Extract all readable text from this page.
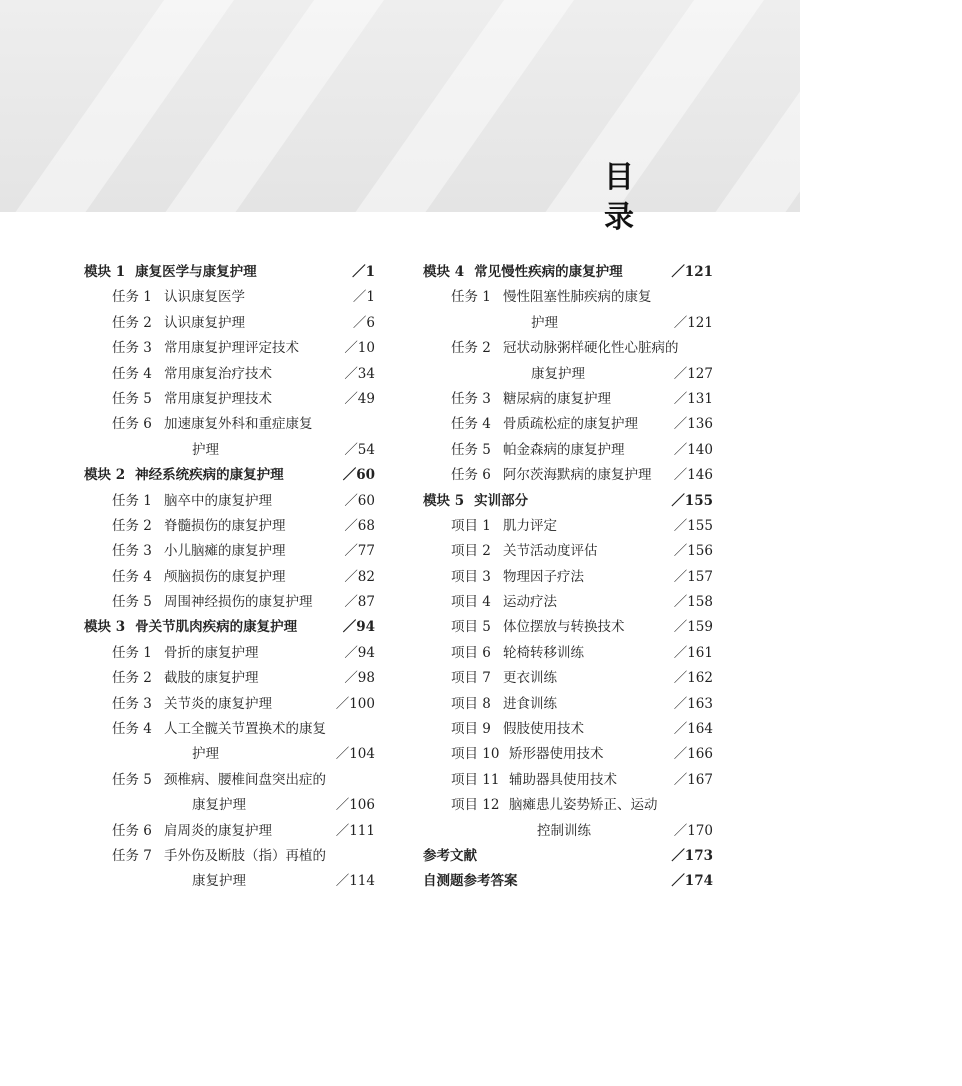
目 录
模块 1 康复医学与康复护理	／1
任务 1 认识康复医学	／1
任务 2 认识康复护理	／6
任务 3 常用康复护理评定技术	／10
任务 4 常用康复治疗技术	／34
任务 5 常用康复护理技术	／49
任务 6 加速康复外科和重症康复
护理	／54
模块 2 神经系统疾病的康复护理	／60
任务 1 脑卒中的康复护理	／60
任务 2 脊髓损伤的康复护理	／68
任务 3 小儿脑瘫的康复护理	／77
任务 4 颅脑损伤的康复护理	／82
任务 5 周围神经损伤的康复护理 ／87
模块 3 骨关节肌肉疾病的康复护理	／94
任务 1 骨折的康复护理	／94
任务 2 截肢的康复护理	／98
任务 3 关节炎的康复护理	／100
任务 4 人工全髋关节置换术的康复
护理	／104
任务 5 颈椎病、腰椎间盘突出症的
康复护理	／106
任务 6 肩周炎的康复护理	／111
任务 7 手外伤及断肢（指）再植的
康复护理	／114
模块 4 常见慢性疾病的康复护理	／121
任务 1 慢性阻塞性肺疾病的康复
护理	／121
任务 2 冠状动脉粥样硬化性心脏病的
康复护理	／127
任务 3 糖尿病的康复护理	／131
任务 4 骨质疏松症的康复护理	／136
任务 5 帕金森病的康复护理	／140
任务 6 阿尔茨海默病的康复护理 ／146
模块 5 实训部分	／155
项目 1 肌力评定	／155
项目 2 关节活动度评估	／156
项目 3 物理因子疗法	／157
项目 4 运动疗法	／158
项目 5 体位摆放与转换技术	／159
项目 6 轮椅转移训练	／161
项目 7 更衣训练	／162
项目 8 进食训练	／163
项目 9 假肢使用技术	／164
项目 10 矫形器使用技术	／166
项目 11 辅助器具使用技术	／167
项目 12 脑瘫患儿姿势矫正、运动
控制训练	／170
参考文献	／173
自测题参考答案	／174
